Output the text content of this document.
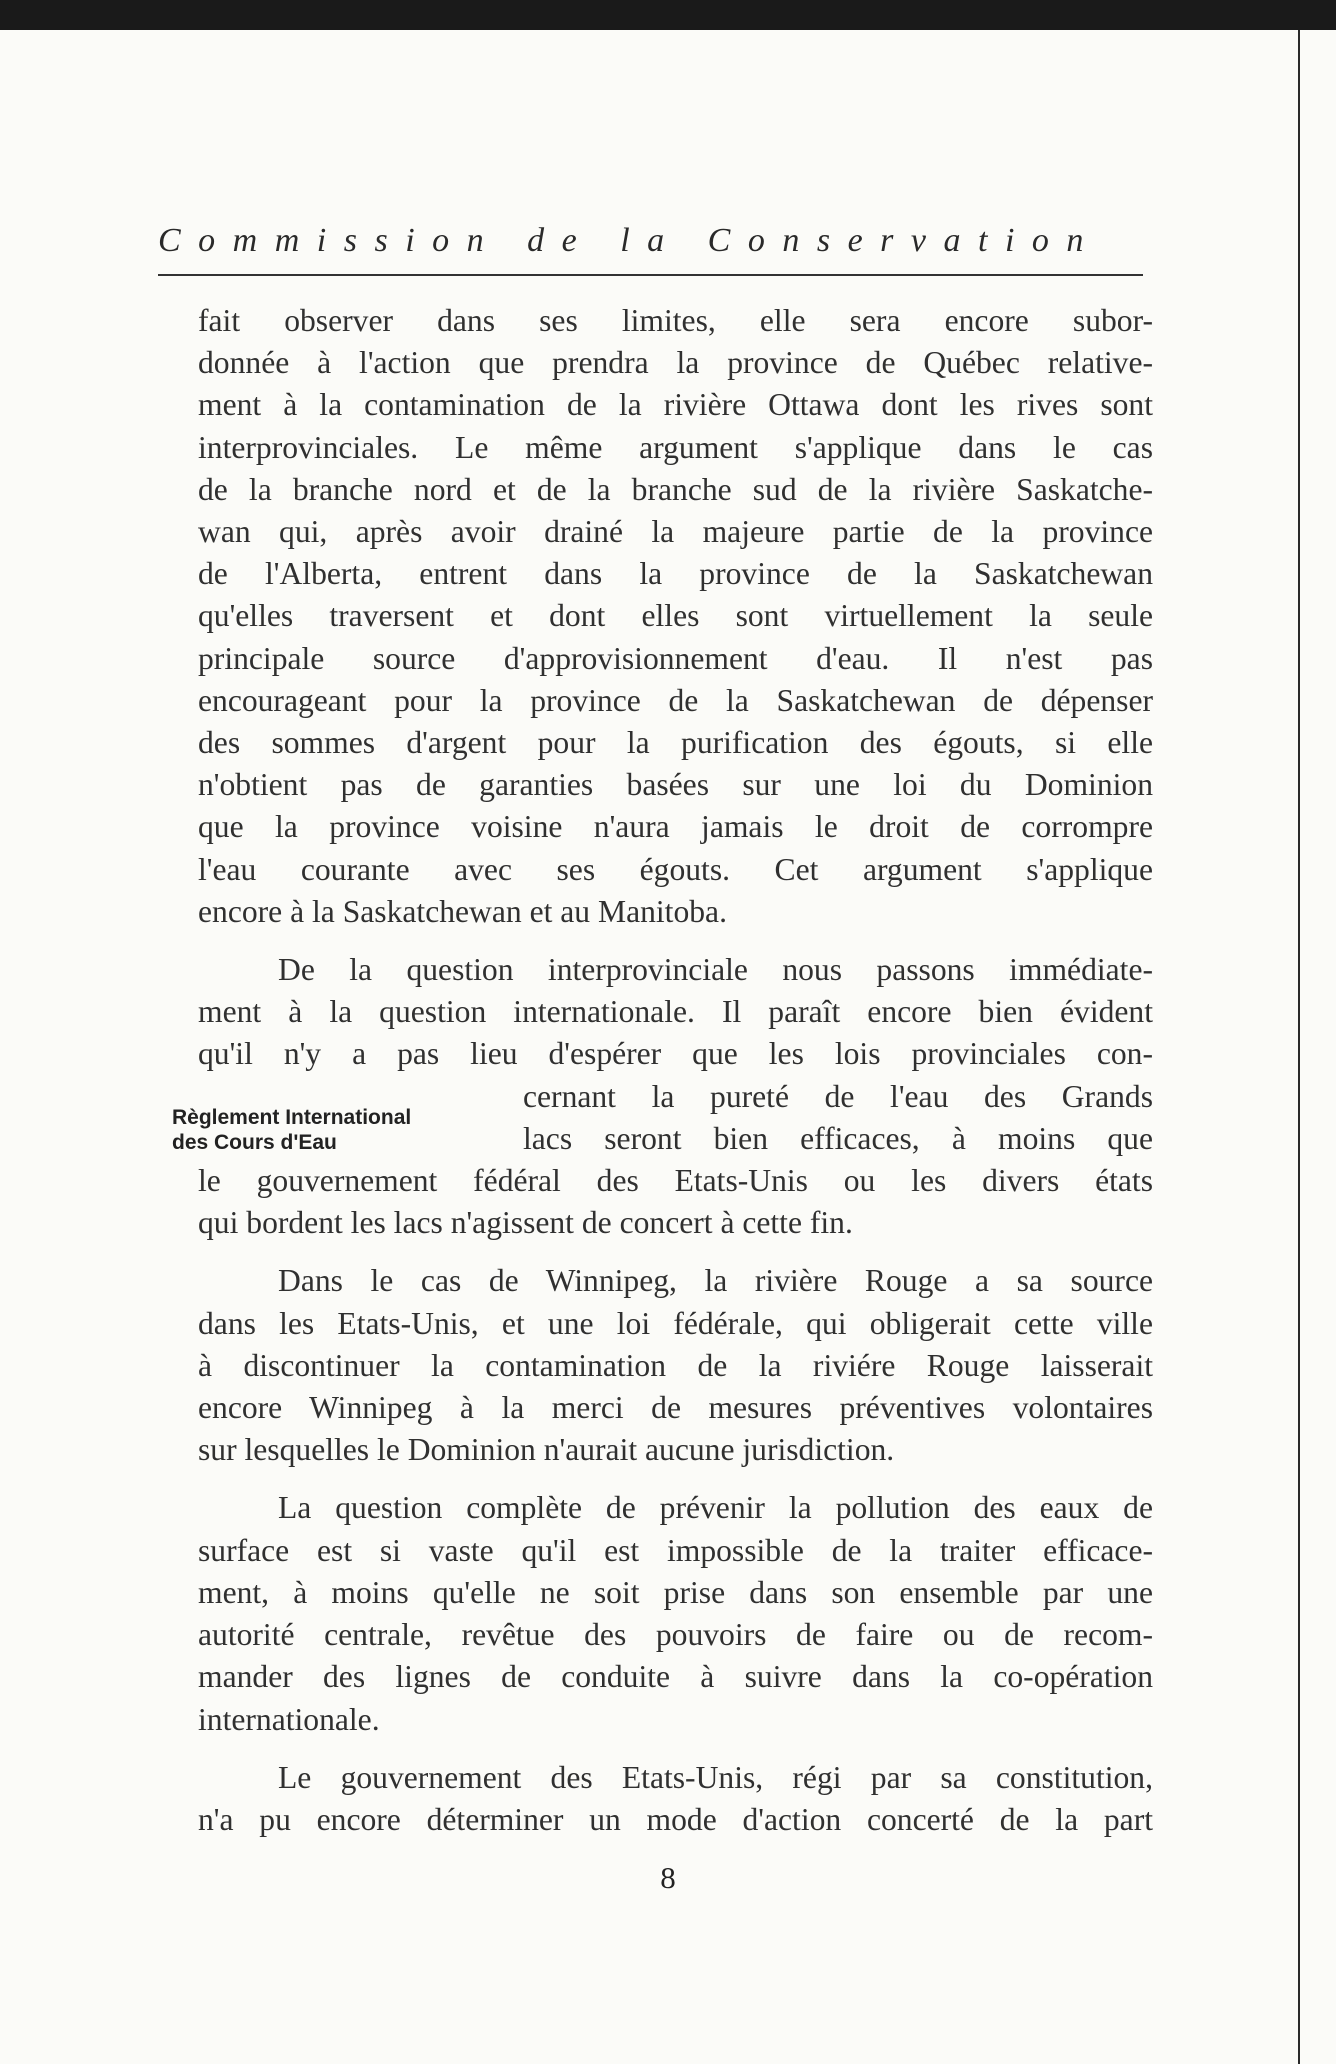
Commission de la Conservation

Règlement International
des Cours d'Eau

fait observer dans ses limites, elle sera encore subor-

donnée à l'action que prendra la province de Québec relative-

ment à la contamination de la rivière Ottawa dont les rives sont

interprovinciales. Le même argument s'applique dans le cas

de la branche nord et de la branche sud de la rivière Saskatche-

wan qui, après avoir drainé la majeure partie de la province

de l'Alberta, entrent dans la province de la Saskatchewan

qu'elles traversent et dont elles sont virtuellement la seule

principale source d'approvisionnement d'eau. Il n'est pas

encourageant pour la province de la Saskatchewan de dépenser

des sommes d'argent pour la purification des égouts, si elle

n'obtient pas de garanties basées sur une loi du Dominion

que la province voisine n'aura jamais le droit de corrompre

l'eau courante avec ses égouts. Cet argument s'applique

encore à la Saskatchewan et au Manitoba.

De la question interprovinciale nous passons immédiate-

ment à la question internationale. Il paraît encore bien évident

qu'il n'y a pas lieu d'espérer que les lois provinciales con-

cernant la pureté de l'eau des Grands

lacs seront bien efficaces, à moins que

le gouvernement fédéral des Etats-Unis ou les divers états

qui bordent les lacs n'agissent de concert à cette fin.

Dans le cas de Winnipeg, la rivière Rouge a sa source

dans les Etats-Unis, et une loi fédérale, qui obligerait cette ville

à discontinuer la contamination de la riviére Rouge laisserait

encore Winnipeg à la merci de mesures préventives volontaires

sur lesquelles le Dominion n'aurait aucune jurisdiction.

La question complète de prévenir la pollution des eaux de

surface est si vaste qu'il est impossible de la traiter efficace-

ment, à moins qu'elle ne soit prise dans son ensemble par une

autorité centrale, revêtue des pouvoirs de faire ou de recom-

mander des lignes de conduite à suivre dans la co-opération

internationale.

Le gouvernement des Etats-Unis, régi par sa constitution,

n'a pu encore déterminer un mode d'action concerté de la part

8
